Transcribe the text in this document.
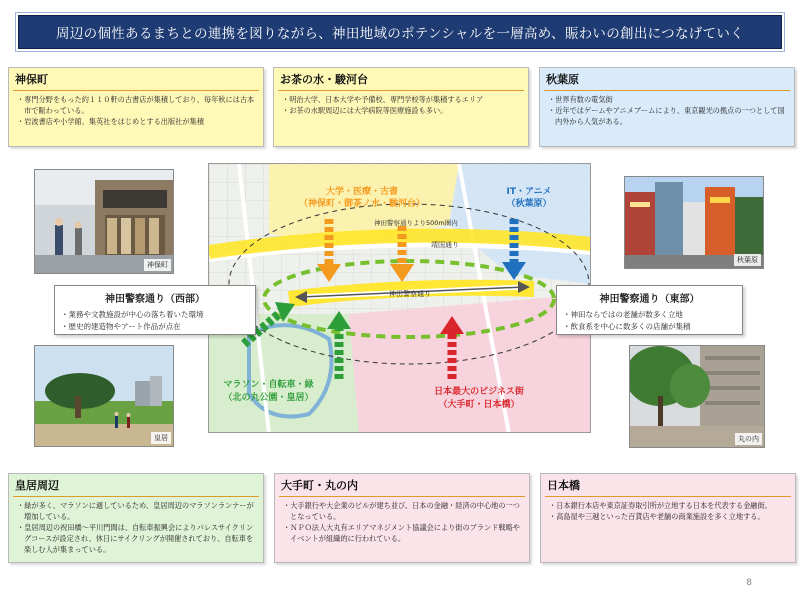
周辺の個性あるまちとの連携を図りながら、神田地域のポテンシャルを一層高め、賑わいの創出につなげていく
神保町
・ 専門分野をもった約１１０軒の古書店が集積しており、毎年秋には古本市で賑わっている。
・ 岩波書店や小学館、集英社をはじめとする出版社が集積
お茶の水・駿河台
・ 明治大学、日本大学や予備校、専門学校等が集積するエリア
・ お茶の水駅周辺には大学病院等医療施設も多い。
秋葉原
・ 世界有数の電気街
・ 近年ではゲームやアニメブームにより、東京観光の拠点の一つとして国内外から人気がある。
神保町
秋葉原
皇居	丸の内
大学・医療・古書
（神保町・御茶ノ水・駿河台）
IT・アニメ
（秋葉原）
神田警察通りより500m圏内
靖国通り
神田警察通り
マラソン・自転車・緑
（北の丸公園・皇居）
日本最大のビジネス街
（大手町・日本橋）
神田警察通り（西部）
・ 業務や文教施設が中心の落ち着いた環境
・ 歴史的建造物やアート作品が点在
神田警察通り（東部）
・ 神田ならではの老舗が数多く立地
・ 飲食系を中心に数多くの店舗が集積
皇居周辺
・ 緑が多く、マラソンに適しているため、皇居周辺のマラソンランナーが増加している。
・ 皇居周辺の祝田橋～平川門間は、自転車振興会によりパレスサイクリングコースが設定され、休日にサイクリングが開催されており、自転車を楽しむ人が集まっている。
大手町・丸の内
・ 大手銀行や大企業のビルが建ち並び、日本の金融・経済の中心地の一つとなっている。
・ ＮＰＯ法人大丸有エリアマネジメント協議会により街のブランド戦略やイベントが組織的に行われている。
日本橋
・ 日本銀行本店や東京証券取引所が立地する日本を代表する金融街。
・ 高島屋や三越といった百貨店や老舗の商業施設を多く立地する。
8
